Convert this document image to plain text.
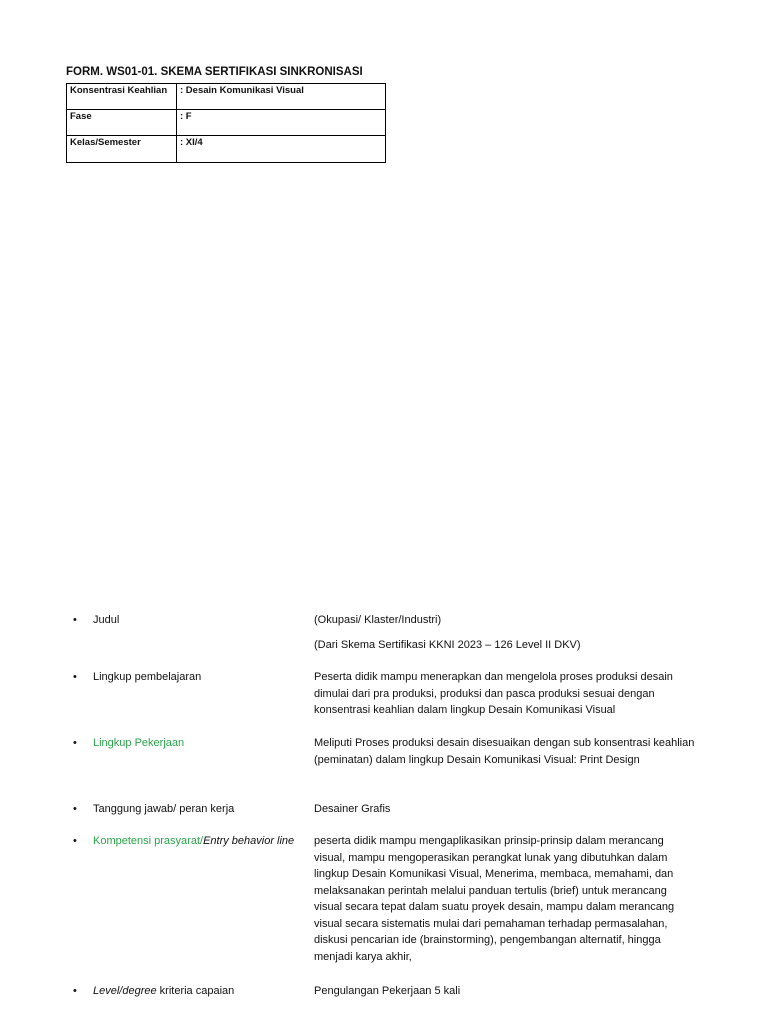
FORM. WS01-01. SKEMA SERTIFIKASI SINKRONISASI
Konsentrasi Keahlian	: Desain Komunikasi Visual
Fase	: F
Kelas/Semester	: XI/4
• Judul	(Okupasi/ Klaster/Industri)

(Dari Skema Sertifikasi KKNI 2023 – 126 Level II DKV)

• Lingkup pembelajaran	Peserta didik mampu menerapkan dan mengelola proses produksi desain dimulai dari pra produksi, produksi dan pasca produksi sesuai dengan konsentrasi keahlian dalam lingkup Desain Komunikasi Visual
• Lingkup Pekerjaan	Meliputi Proses produksi desain disesuaikan dengan sub konsentrasi keahlian (peminatan) dalam lingkup Desain Komunikasi Visual: Print Design
• Tanggung jawab/ peran kerja	Desainer Grafis
• Kompetensi prasyarat/Entry behavior line	peserta didik mampu mengaplikasikan prinsip-prinsip dalam merancang visual, mampu mengoperasikan perangkat lunak yang dibutuhkan dalam lingkup Desain Komunikasi Visual, Menerima, membaca, memahami, dan melaksanakan perintah melalui panduan tertulis (brief) untuk merancang visual secara tepat dalam suatu proyek desain, mampu dalam merancang visual secara sistematis mulai dari pemahaman terhadap permasalahan, diskusi pencarian ide (brainstorming), pengembangan alternatif, hingga menjadi karya akhir,
• Level/degree kriteria capaian	Pengulangan Pekerjaan 5 kali
